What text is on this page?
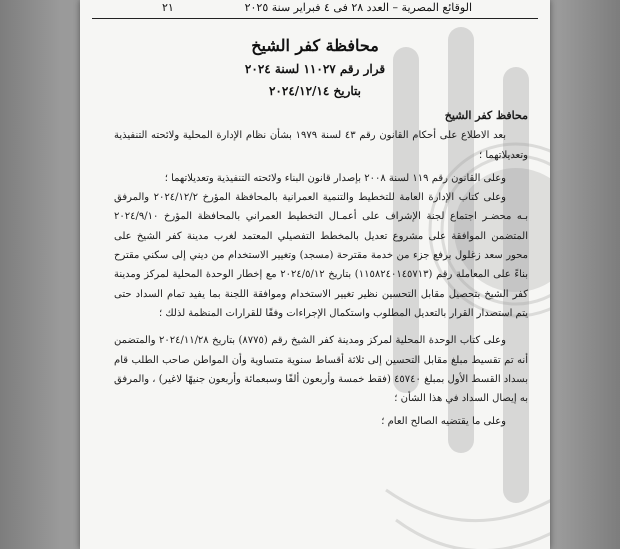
الوقائع المصرية – العدد ٢٨ فى ٤ فبراير سنة ٢٠٢٥
٢١
محافظة كفر الشيخ
قرار رقم ١١٠٢٧ لسنة ٢٠٢٤
بتاريخ ٢٠٢٤/١٢/١٤

محافظ كفر الشيخ

بعد الاطلاع على أحكام القانون رقم ٤٣ لسنة ١٩٧٩ بشأن نظام الإدارة المحلية ولائحته التنفيذية وتعديلاتهما ؛

وعلى القانون رقم ١١٩ لسنة ٢٠٠٨ بإصدار قانون البناء ولائحته التنفيذية وتعديلاتهما ؛

وعلى كتاب الإدارة العامة للتخطيط والتنمية العمرانية بالمحافظة المؤرخ ٢٠٢٤/١٢/٢ والمرفق بـه محضـر اجتماع لجنة الإشراف على أعمـال التخطيط العمراني بالمحافظة المؤرخ ٢٠٢٤/٩/١٠ المتضمن الموافقة على مشروع تعديل بالمخطط التفصيلي المعتمد لغرب مدينة كفر الشيخ على محور سعد زغلول برفع جزء من خدمة مقترحة (مسجد) وتغيير الاستخدام من ديني إلى سكني مقترح بناءً على المعاملة رقم (١١٥٨٢٤٠١٤٥٧١٣) بتاريخ ٢٠٢٤/٥/١٢ مع إخطار الوحدة المحلية لمركز ومدينة كفر الشيخ بتحصيل مقابل التحسين نظير تغيير الاستخدام وموافقة اللجنة بما يفيد تمام السداد حتى يتم استصدار القرار بالتعديل المطلوب واستكمال الإجراءات وفقًا للقرارات المنظمة لذلك ؛

وعلى كتاب الوحدة المحلية لمركز ومدينة كفر الشيخ رقم (٨٧٧٥) بتاريخ ٢٠٢٤/١١/٢٨ والمتضمن أنه تم تقسيط مبلغ مقابل التحسين إلى ثلاثة أقساط سنوية متساوية وأن المواطن صاحب الطلب قام بسداد القسط الأول بمبلغ ٤٥٧٤٠ (فقط خمسة وأربعون ألفًا وسبعمائة وأربعون جنيهًا لاغير) ، والمرفق به إيصال السداد في هذا الشأن ؛

وعلى ما يقتضيه الصالح العام ؛
